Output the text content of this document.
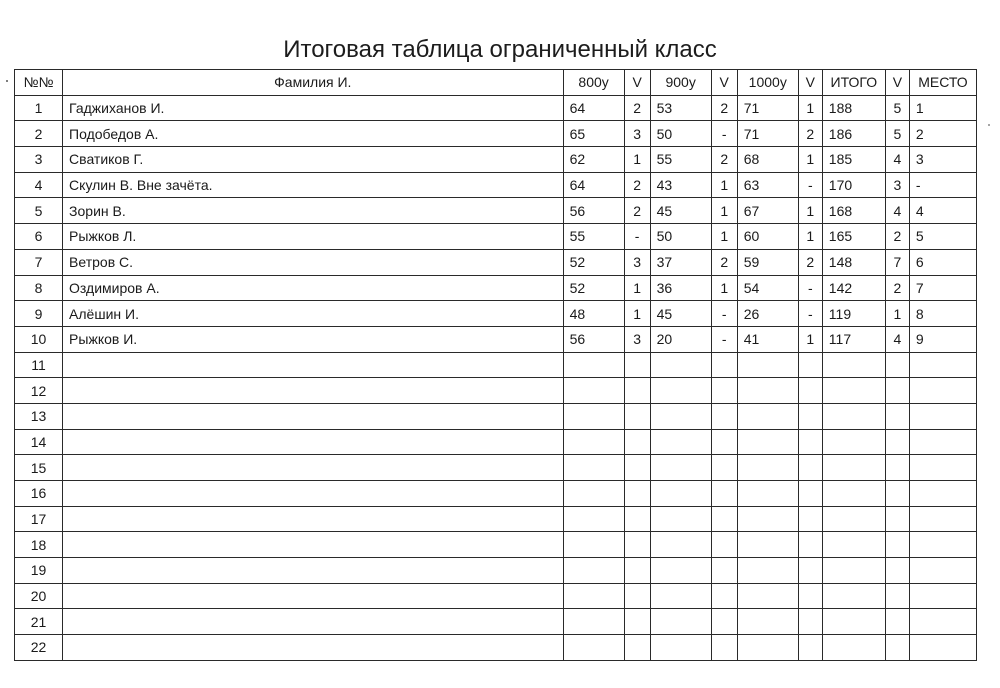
Итоговая таблица ограниченный класс
№№	Фамилия И.	800y	V	900y	V	1000y	V	ИТОГО	V	МЕСТО
1	Гаджиханов И.	64	2	53	2	71	1	188	5	1
2	Подобедов А.	65	3	50	-	71	2	186	5	2
3	Сватиков Г.	62	1	55	2	68	1	185	4	3
4	Скулин В. Вне зачёта.	64	2	43	1	63	-	170	3	-
5	Зорин В.	56	2	45	1	67	1	168	4	4
6	Рыжков Л.	55	-	50	1	60	1	165	2	5
7	Ветров С.	52	3	37	2	59	2	148	7	6
8	Оздимиров А.	52	1	36	1	54	-	142	2	7
9	Алёшин И.	48	1	45	-	26	-	119	1	8
10	Рыжков И.	56	3	20	-	41	1	117	4	9
11										
12										
13										
14										
15										
16										
17										
18										
19										
20										
21										
22										
